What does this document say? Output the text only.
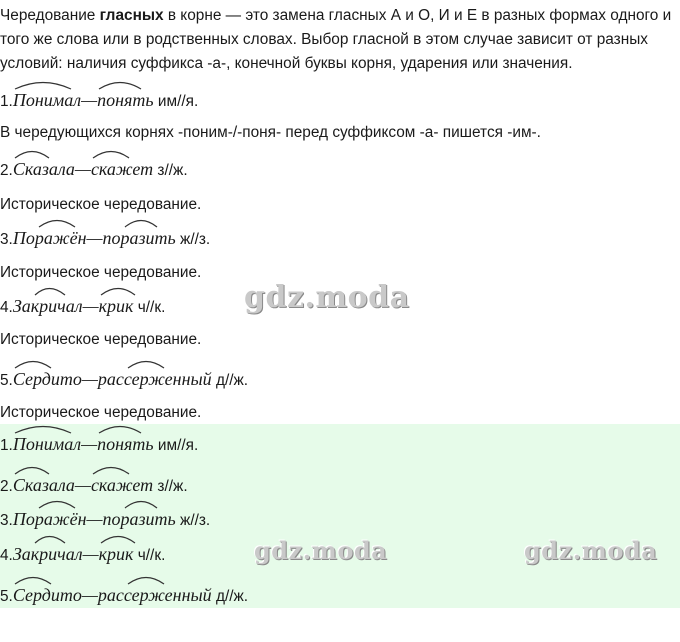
Чередование гласных в корне — это замена гласных А и О, И и Е в разных формах одного и того же слова или в родственных словах. Выбор гласной в этом случае зависит от разных условий: наличия суффикса -а-, конечной буквы корня, ударения или значения.
1.
Понимал—
понять им//я.
В чередующихся корнях -поним-/-поня- перед суффиксом -а- пишется -им-.
2.
Сказала—
скажет з//ж.
Историческое чередование.
3.
Поражён—
поразить ж//з.
Историческое чередование.
4.
Закричал—
крик ч//к.
Историческое чередование.
5.
Сердито—
рассерженный д//ж.
Историческое чередование.
1.
Понимал—
понять им//я.
2.
Сказала—
скажет з//ж.
3.
Поражён—
поразить ж//з.
4.
Закричал—
крик ч//к.
5.
Сердито—
рассерженный д//ж.
gdz.moda
gdz.moda	gdz.moda
